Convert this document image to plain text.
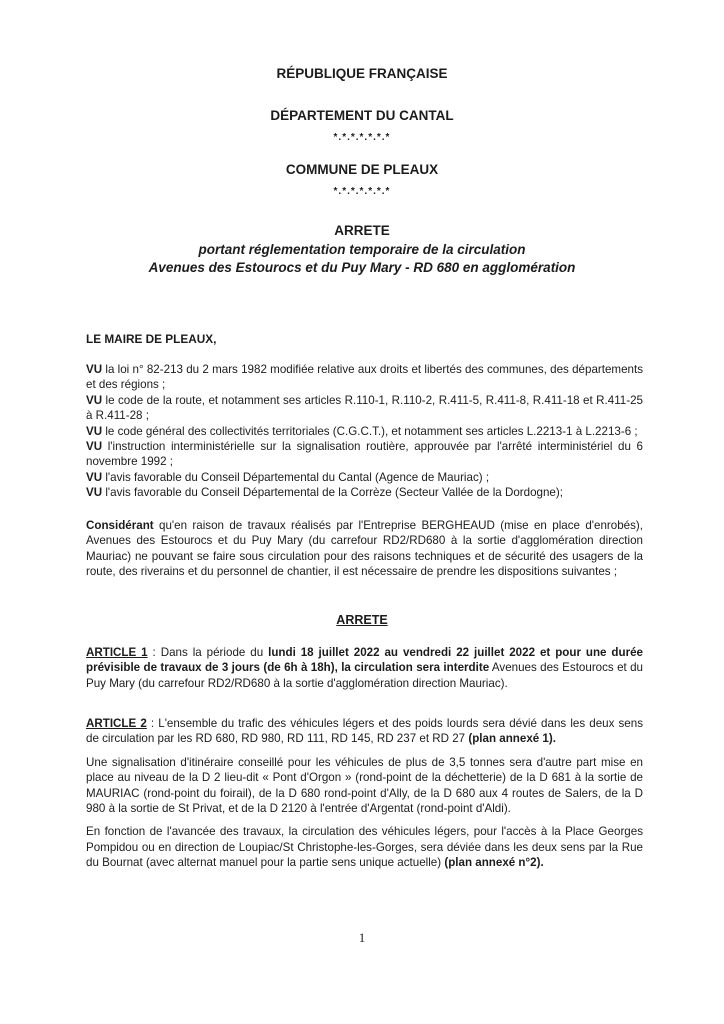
RÉPUBLIQUE FRANÇAISE
DÉPARTEMENT DU CANTAL
*.*.*.*.*.*.*
COMMUNE DE PLEAUX
*.*.*.*.*.*.*
ARRETE
portant réglementation temporaire de la circulation
Avenues des Estourocs et du Puy Mary - RD 680 en agglomération
LE MAIRE DE PLEAUX,

VU la loi n° 82-213 du 2 mars 1982 modifiée relative aux droits et libertés des communes, des départements et des régions ;

VU le code de la route, et notamment ses articles R.110-1, R.110-2, R.411-5, R.411-8, R.411-18 et R.411-25 à R.411-28 ;

VU le code général des collectivités territoriales (C.G.C.T.), et notamment ses articles L.2213-1 à L.2213-6 ;

VU l'instruction interministérielle sur la signalisation routière, approuvée par l'arrêté interministériel du 6 novembre 1992 ;

VU l'avis favorable du Conseil Départemental du Cantal (Agence de Mauriac) ;

VU l'avis favorable du Conseil Départemental de la Corrèze (Secteur Vallée de la Dordogne);

Considérant qu'en raison de travaux réalisés par l'Entreprise BERGHEAUD (mise en place d'enrobés), Avenues des Estourocs et du Puy Mary (du carrefour RD2/RD680 à la sortie d'agglomération direction Mauriac) ne pouvant se faire sous circulation pour des raisons techniques et de sécurité des usagers de la route, des riverains et du personnel de chantier, il est nécessaire de prendre les dispositions suivantes ;

ARRETE

ARTICLE 1 : Dans la période du lundi 18 juillet 2022 au vendredi 22 juillet 2022 et pour une durée prévisible de travaux de 3 jours (de 6h à 18h), la circulation sera interdite Avenues des Estourocs et du Puy Mary (du carrefour RD2/RD680 à la sortie d'agglomération direction Mauriac).

ARTICLE 2 : L'ensemble du trafic des véhicules légers et des poids lourds sera dévié dans les deux sens de circulation par les RD 680, RD 980, RD 111, RD 145, RD 237 et RD 27 (plan annexé 1).

Une signalisation d'itinéraire conseillé pour les véhicules de plus de 3,5 tonnes sera d'autre part mise en place au niveau de la D 2 lieu-dit « Pont d'Orgon » (rond-point de la déchetterie) de la D 681 à la sortie de MAURIAC (rond-point du foirail), de la D 680 rond-point d'Ally, de la D 680 aux 4 routes de Salers, de la D 980 à la sortie de St Privat, et de la D 2120 à l'entrée d'Argentat (rond-point d'Aldi).

En fonction de l'avancée des travaux, la circulation des véhicules légers, pour l'accès à la Place Georges Pompidou ou en direction de Loupiac/St Christophe-les-Gorges, sera déviée dans les deux sens par la Rue du Bournat (avec alternat manuel pour la partie sens unique actuelle) (plan annexé n°2).

1
